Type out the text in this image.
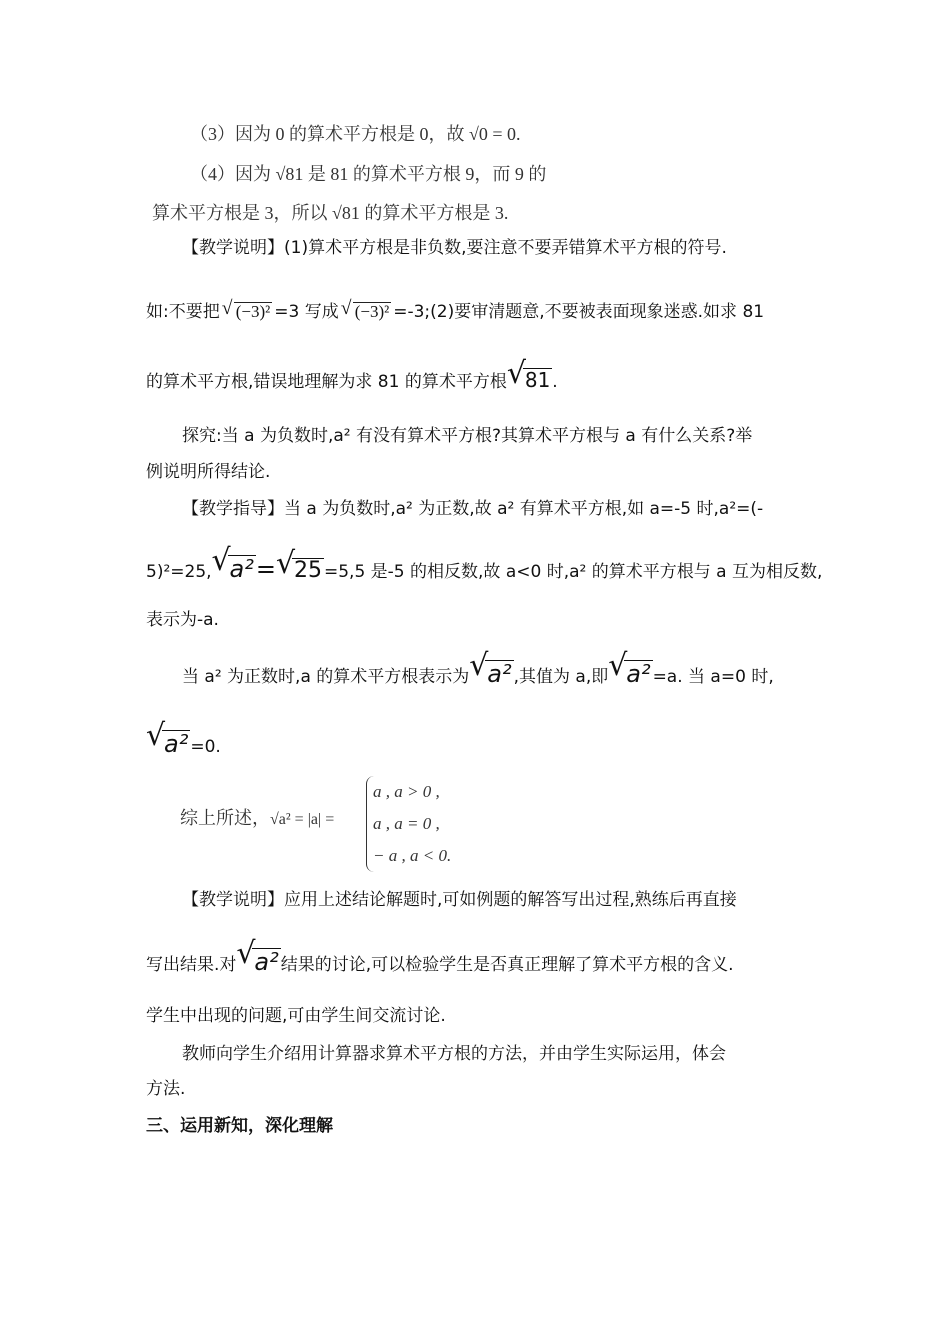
（3）因为 0 的算术平方根是 0，故 √0 = 0.
（4）因为 √81 是 81 的算术平方根 9，而 9 的
算术平方根是 3，所以 √81 的算术平方根是 3.
【教学说明】(1)算术平方根是非负数,要注意不要弄错算术平方根的符号.
如:不要把 √ (−3)² =3 写成 √ (−3)² =-3;(2)要审清题意,不要被表面现象迷惑.如求 81
的算术平方根,错误地理解为求 81 的算术平方根 √ 81 .
探究:当 a 为负数时,a² 有没有算术平方根?其算术平方根与 a 有什么关系?举
例说明所得结论.
【教学指导】当 a 为负数时,a² 为正数,故 a² 有算术平方根,如 a=-5 时,a²=(-
5)²=25, √ a²= √ 25 =5,5 是-5 的相反数,故 a<0 时,a² 的算术平方根与 a 互为相反数,
表示为-a.
当 a² 为正数时,a 的算术平方根表示为 √ a² ,其值为 a,即 √ a² =a. 当 a=0 时,
√ a² =0.
综上所述，√a² = |a| =
a , a > 0 ,
a , a = 0 ,
− a , a < 0.
【教学说明】应用上述结论解题时,可如例题的解答写出过程,熟练后再直接
写出结果.对 √ a² 结果的讨论,可以检验学生是否真正理解了算术平方根的含义.
学生中出现的问题,可由学生间交流讨论.
教师向学生介绍用计算器求算术平方根的方法，并由学生实际运用，体会
方法.
三、运用新知，深化理解
